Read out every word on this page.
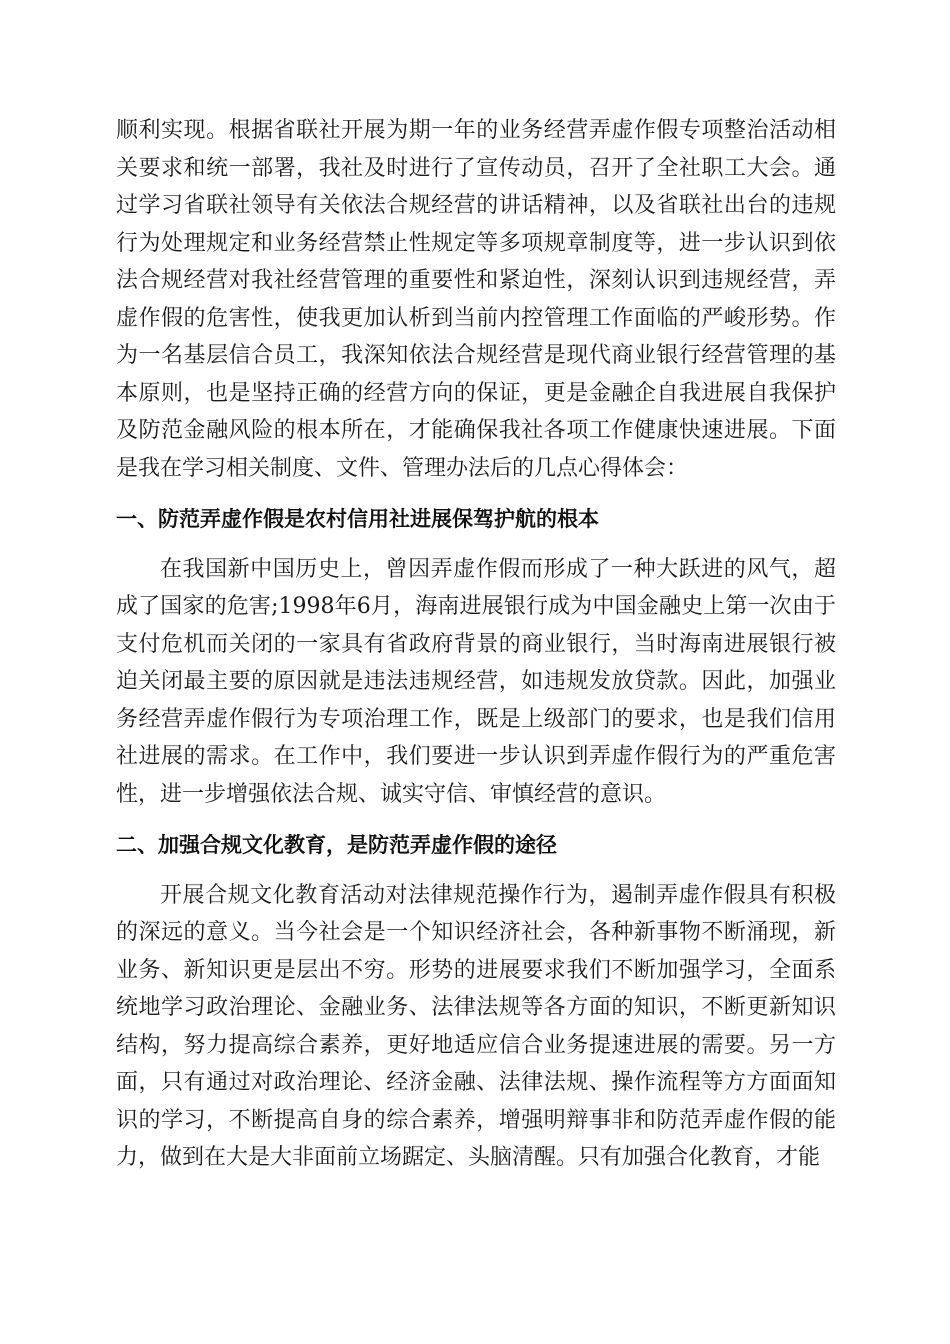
顺利实现。根据省联社开展为期一年的业务经营弄虚作假专项整治活动相关要求和统一部署，我社及时进行了宣传动员，召开了全社职工大会。通过学习省联社领导有关依法合规经营的讲话精神，以及省联社出台的违规行为处理规定和业务经营禁止性规定等多项规章制度等，进一步认识到依法合规经营对我社经营管理的重要性和紧迫性，深刻认识到违规经营，弄虚作假的危害性，使我更加认析到当前内控管理工作面临的严峻形势。作为一名基层信合员工，我深知依法合规经营是现代商业银行经营管理的基本原则，也是坚持正确的经营方向的保证，更是金融企自我进展自我保护及防范金融风险的根本所在，才能确保我社各项工作健康快速进展。下面是我在学习相关制度、文件、管理办法后的几点心得体会：

一、防范弄虚作假是农村信用社进展保驾护航的根本

在我国新中国历史上，曾因弄虚作假而形成了一种大跃进的风气，超成了国家的危害;1998年6月，海南进展银行成为中国金融史上第一次由于支付危机而关闭的一家具有省政府背景的商业银行，当时海南进展银行被迫关闭最主要的原因就是违法违规经营，如违规发放贷款。因此，加强业务经营弄虚作假行为专项治理工作，既是上级部门的要求，也是我们信用社进展的需求。在工作中，我们要进一步认识到弄虚作假行为的严重危害性，进一步增强依法合规、诚实守信、审慎经营的意识。

二、加强合规文化教育，是防范弄虚作假的途径

开展合规文化教育活动对法律规范操作行为，遏制弄虚作假具有积极的深远的意义。当今社会是一个知识经济社会，各种新事物不断涌现，新业务、新知识更是层出不穷。形势的进展要求我们不断加强学习，全面系统地学习政治理论、金融业务、法律法规等各方面的知识，不断更新知识结构，努力提高综合素养，更好地适应信合业务提速进展的需要。另一方面，只有通过对政治理论、经济金融、法律法规、操作流程等方方面面知识的学习，不断提高自身的综合素养，增强明辩事非和防范弄虚作假的能力，做到在大是大非面前立场踞定、头脑清醒。只有加强合化教育，才能
